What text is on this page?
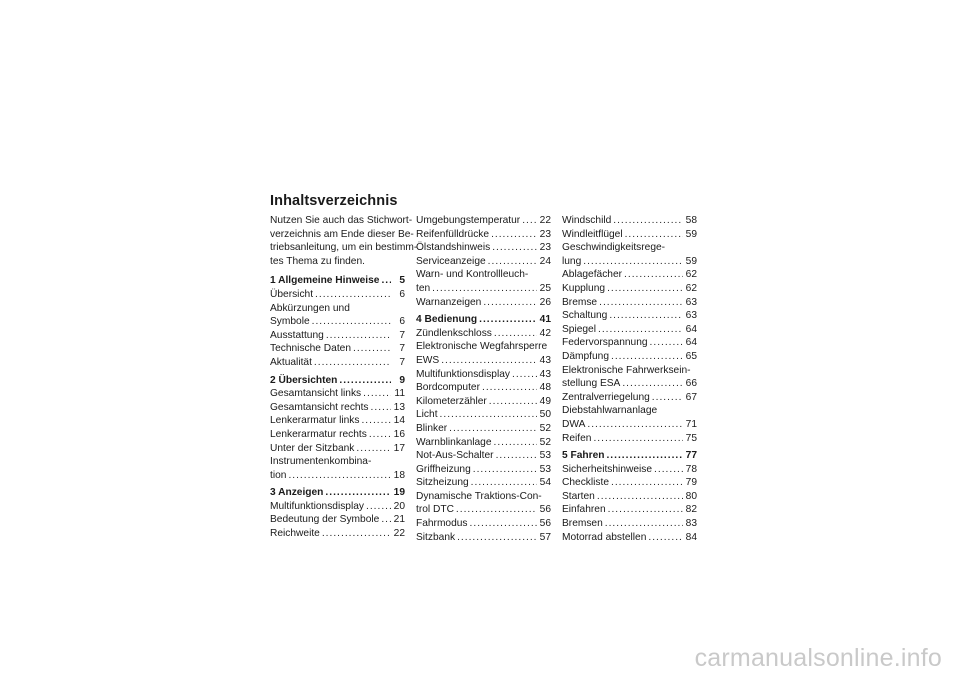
Inhaltsverzeichnis
Nutzen Sie auch das Stichwort-
verzeichnis am Ende dieser Be-
triebsanleitung, um ein bestimm-
tes Thema zu finden.
1 Allgemeine Hinweise .....	5
Übersicht .....	6
Abkürzungen und
Symbole .....	6
Ausstattung .....	7
Technische Daten .....	7
Aktualität .....	7
2 Übersichten .....	9
Gesamtansicht links .....	11
Gesamtansicht rechts ..... 13
Lenkerarmatur links .....	14
Lenkerarmatur rechts .....	16
Unter der Sitzbank .....	17
Instrumentenkombina-
tion .....	18
3 Anzeigen .....	19
Multifunktionsdisplay .....	20
Bedeutung der Symbole ..... 21
Reichweite .....	22
Umgebungstemperatur ..... 22
Reifenfülldrücke .....	23
Ölstandshinweis .....	23
Serviceanzeige .....	24
Warn- und Kontrollleuch-
ten .....	25
Warnanzeigen .....	26
4 Bedienung .....	41
Zündlenkschloss .....	42
Elektronische Wegfahrsperre
EWS .....	43
Multifunktionsdisplay .....	43
Bordcomputer .....	48
Kilometerzähler .....	49
Licht .....	50
Blinker .....	52
Warnblinkanlage .....	52
Not-Aus-Schalter .....	53
Griffheizung .....	53
Sitzheizung .....	54
Dynamische Traktions-Con-
trol DTC .....	56
Fahrmodus .....	56
Sitzbank .....	57
Windschild .....	58
Windleitflügel .....	59
Geschwindigkeitsrege-
lung .....	59
Ablagefächer .....	62
Kupplung .....	62
Bremse .....	63
Schaltung .....	63
Spiegel .....	64
Federvorspannung .....	64
Dämpfung .....	65
Elektronische Fahrwerksein-
stellung ESA .....	66
Zentralverriegelung .....	67
Diebstahlwarnanlage
DWA .....	71
Reifen .....	75
5 Fahren .....	77
Sicherheitshinweise .....	78
Checkliste .....	79
Starten .....	80
Einfahren .....	82
Bremsen .....	83
Motorrad abstellen .....	84
carmanualsonline.info
